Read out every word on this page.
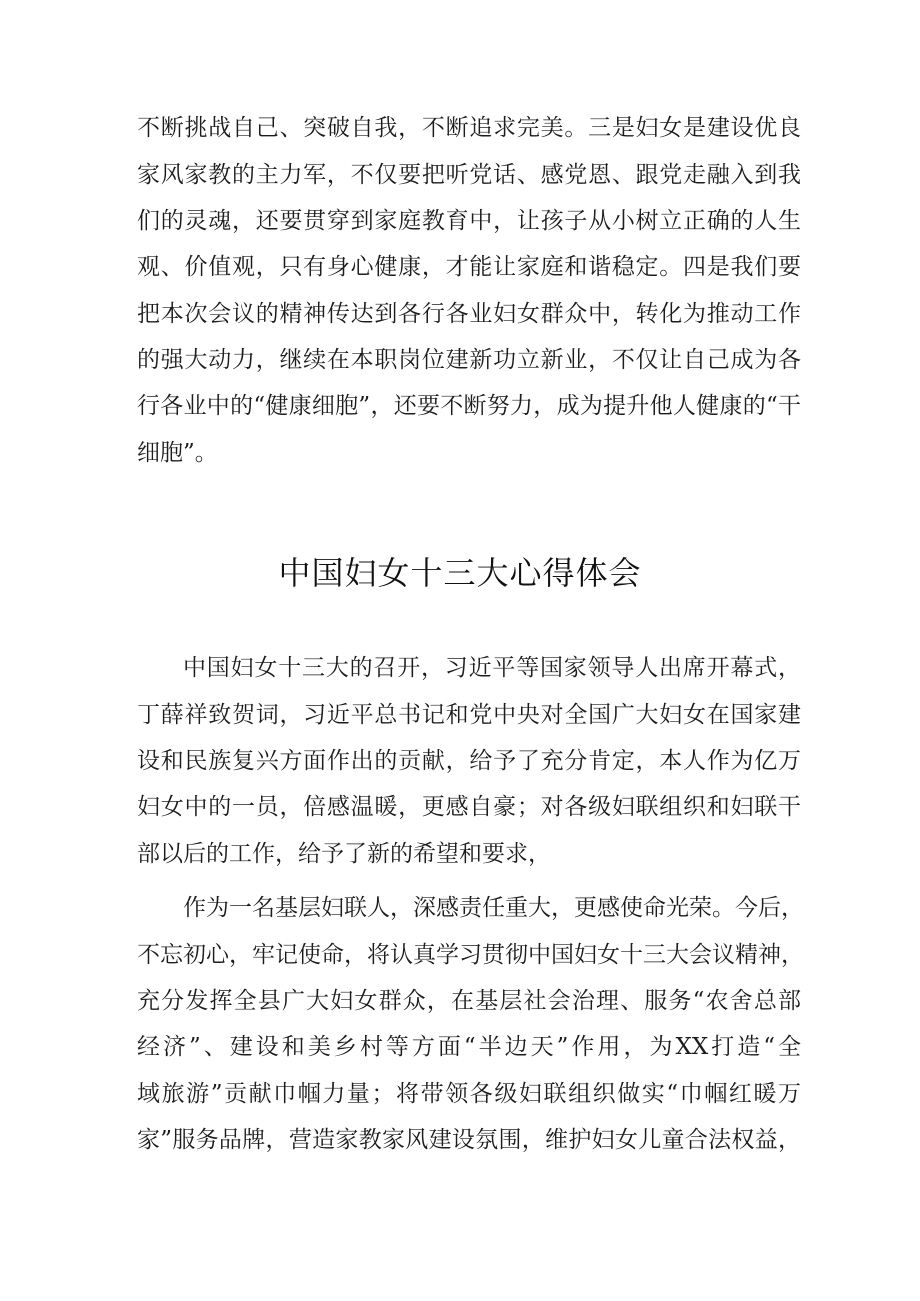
不断挑战自己、突破自我，不断追求完美。三是妇女是建设优良
家风家教的主力军，不仅要把听党话、感党恩、跟党走融入到我
们的灵魂，还要贯穿到家庭教育中，让孩子从小树立正确的人生
观、价值观，只有身心健康，才能让家庭和谐稳定。四是我们要
把本次会议的精神传达到各行各业妇女群众中，转化为推动工作
的强大动力，继续在本职岗位建新功立新业，不仅让自己成为各
行各业中的“健康细胞”，还要不断努力，成为提升他人健康的“干
细胞”。
中国妇女十三大心得体会
中国妇女十三大的召开，习近平等国家领导人出席开幕式，
丁薛祥致贺词，习近平总书记和党中央对全国广大妇女在国家建
设和民族复兴方面作出的贡献，给予了充分肯定，本人作为亿万
妇女中的一员，倍感温暖，更感自豪；对各级妇联组织和妇联干
部以后的工作，给予了新的希望和要求，
作为一名基层妇联人，深感责任重大，更感使命光荣。今后，
不忘初心，牢记使命，将认真学习贯彻中国妇女十三大会议精神，
充分发挥全县广大妇女群众，在基层社会治理、服务“农舍总部
经济”、建设和美乡村等方面“半边天”作用，为XX打造“全
域旅游”贡献巾帼力量；将带领各级妇联组织做实“巾帼红暖万
家”服务品牌，营造家教家风建设氛围，维护妇女儿童合法权益，
